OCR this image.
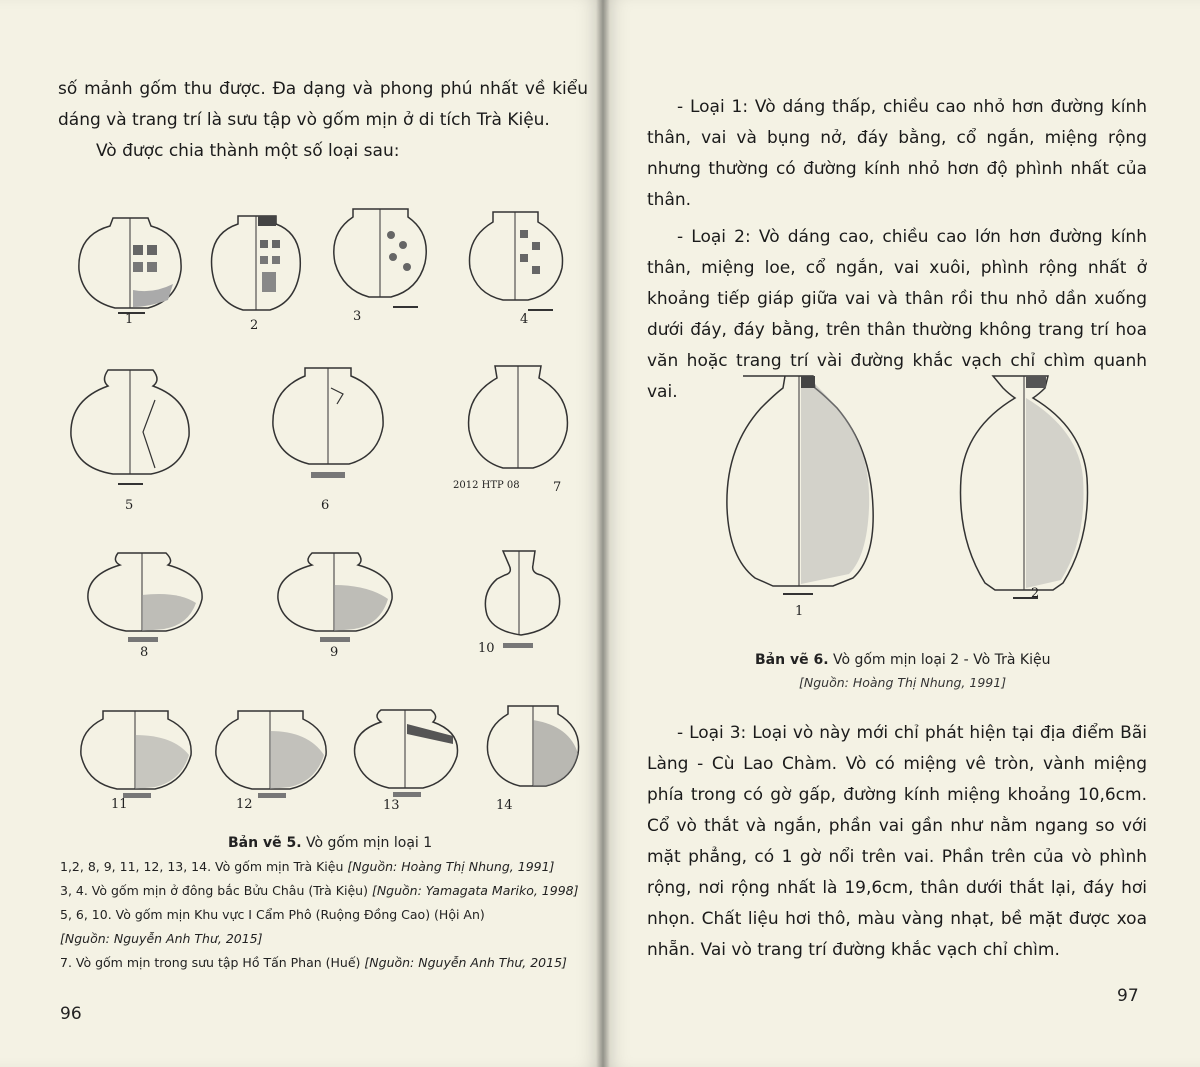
số mảnh gốm thu được. Đa dạng và phong phú nhất về kiểu dáng và trang trí là sưu tập vò gốm mịn ở di tích Trà Kiệu.

Vò được chia thành một số loại sau:

1	2
3	4
5	6
2012 HTP 08	7
8	9	10
11	12	13	14
Bản vẽ 5. Vò gốm mịn loại 1
1,2, 8, 9, 11, 12, 13, 14. Vò gốm mịn Trà Kiệu [Nguồn: Hoàng Thị Nhung, 1991]
3, 4. Vò gốm mịn ở đông bắc Bửu Châu (Trà Kiệu) [Nguồn: Yamagata Mariko, 1998]
5, 6, 10. Vò gốm mịn Khu vực I Cẩm Phô (Ruộng Đồng Cao) (Hội An)
[Nguồn: Nguyễn Anh Thư, 2015]
7. Vò gốm mịn trong sưu tập Hồ Tấn Phan (Huế) [Nguồn: Nguyễn Anh Thư, 2015]
96

- Loại 1: Vò dáng thấp, chiều cao nhỏ hơn đường kính thân, vai và bụng nở, đáy bằng, cổ ngắn, miệng rộng nhưng thường có đường kính nhỏ hơn độ phình nhất của thân.

- Loại 2: Vò dáng cao, chiều cao lớn hơn đường kính thân, miệng loe, cổ ngắn, vai xuôi, phình rộng nhất ở khoảng tiếp giáp giữa vai và thân rồi thu nhỏ dần xuống dưới đáy, đáy bằng, trên thân thường không trang trí hoa văn hoặc trang trí vài đường khắc vạch chỉ chìm quanh vai.

1
2
Bản vẽ 6. Vò gốm mịn loại 2 - Vò Trà Kiệu
[Nguồn: Hoàng Thị Nhung, 1991]

- Loại 3: Loại vò này mới chỉ phát hiện tại địa điểm Bãi Làng - Cù Lao Chàm. Vò có miệng vê tròn, vành miệng phía trong có gờ gấp, đường kính miệng khoảng 10,6cm. Cổ vò thắt và ngắn, phần vai gần như nằm ngang so với mặt phẳng, có 1 gờ nổi trên vai. Phần trên của vò phình rộng, nơi rộng nhất là 19,6cm, thân dưới thắt lại, đáy hơi nhọn. Chất liệu hơi thô, màu vàng nhạt, bề mặt được xoa nhẵn. Vai vò trang trí đường khắc vạch chỉ chìm.

97
